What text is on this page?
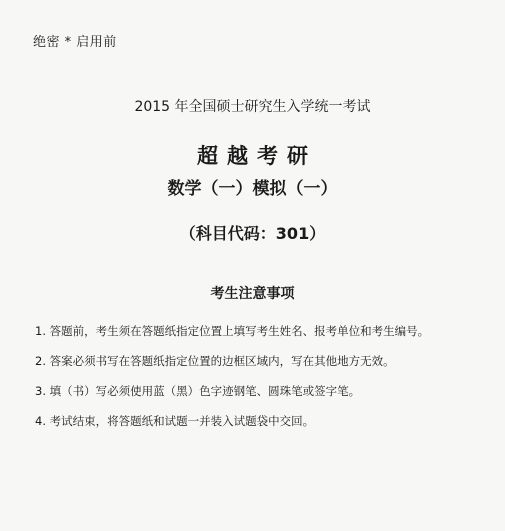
绝密 * 启用前
2015 年全国硕士研究生入学统一考试
超越考研
数学（一）模拟（一）
（科目代码：301）
考生注意事项
1. 答题前，考生须在答题纸指定位置上填写考生姓名、报考单位和考生编号。
2. 答案必须书写在答题纸指定位置的边框区域内，写在其他地方无效。
3. 填（书）写必须使用蓝（黑）色字迹钢笔、圆珠笔或签字笔。
4. 考试结束，将答题纸和试题一并装入试题袋中交回。
